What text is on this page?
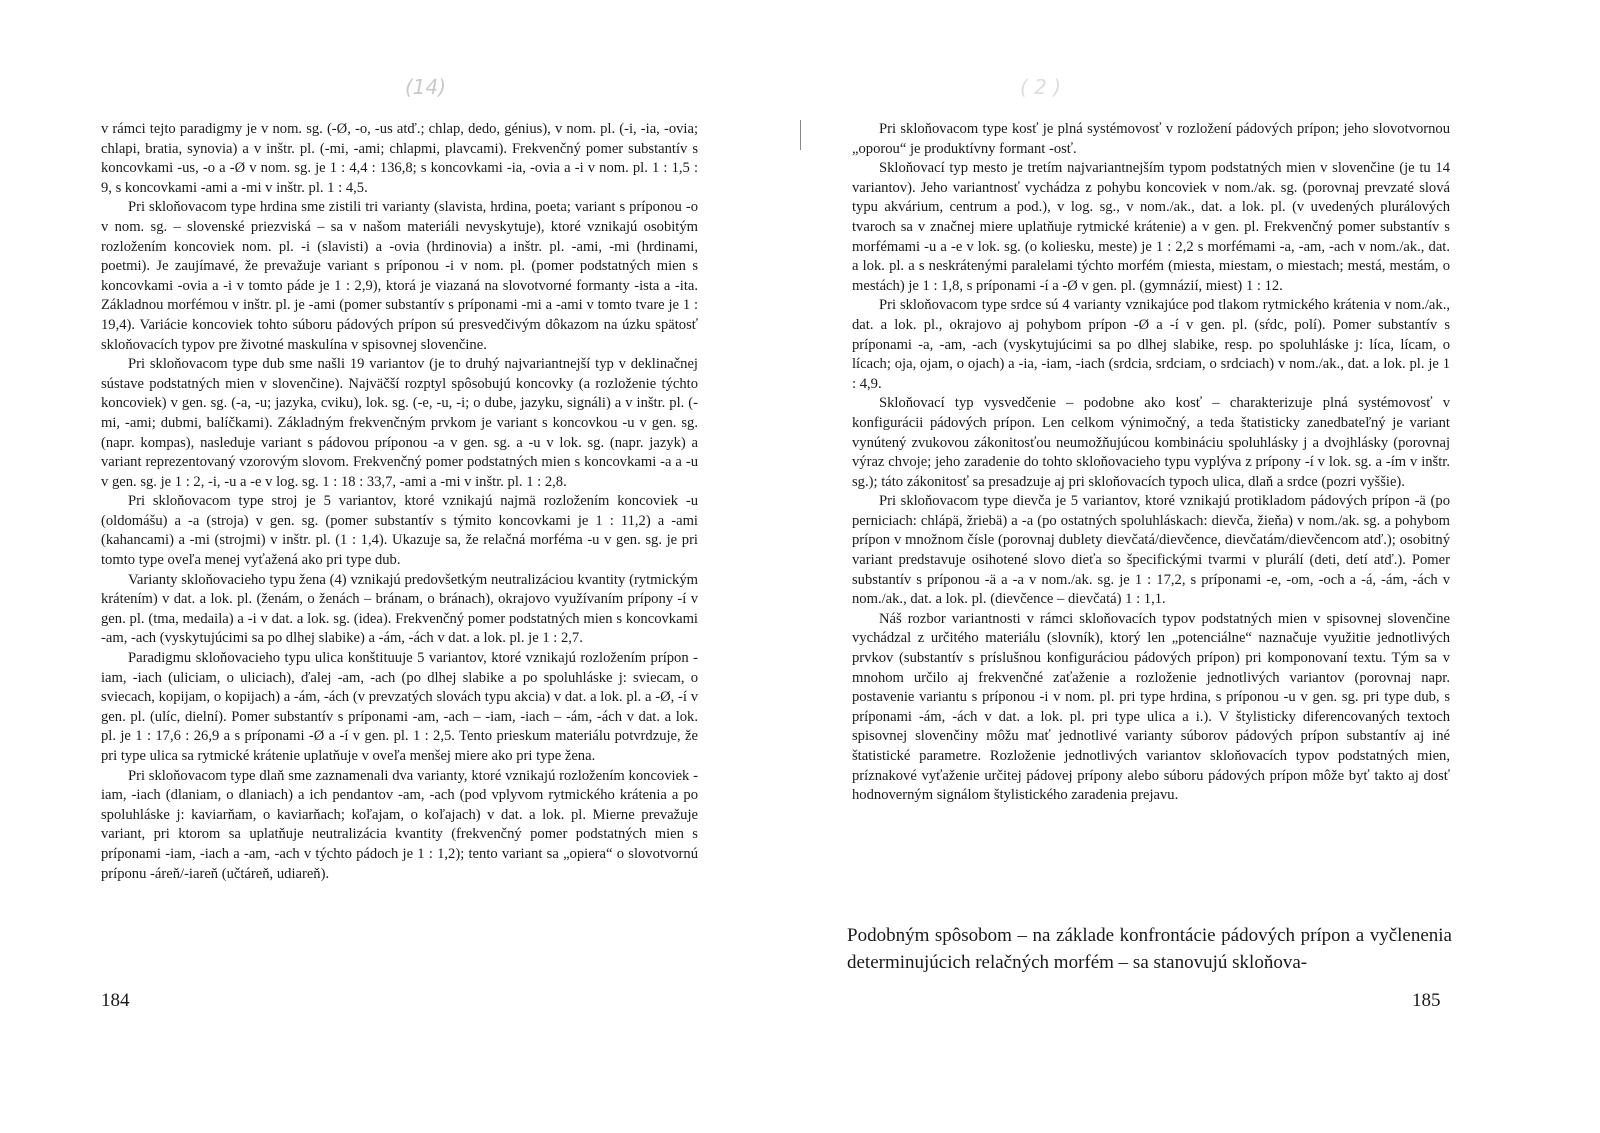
(14)

v rámci tejto paradigmy je v nom. sg. (-Ø, -o, -us atď.; chlap, dedo, génius), v nom. pl. (-i, -ia, -ovia; chlapi, bratia, synovia) a v inštr. pl. (-mi, -ami; chlapmi, plavcami). Frekvenčný pomer substantív s koncovkami -us, -o a -Ø v nom. sg. je 1 : 4,4 : 136,8; s koncovkami -ia, -ovia a -i v nom. pl. 1 : 1,5 : 9, s koncovkami -ami a -mi v inštr. pl. 1 : 4,5.

Pri skloňovacom type hrdina sme zistili tri varianty (slavista, hrdina, poeta; variant s príponou -o v nom. sg. – slovenské priezviská – sa v našom materiáli nevyskytuje), ktoré vznikajú osobitým rozložením koncoviek nom. pl. -i (slavisti) a -ovia (hrdinovia) a inštr. pl. -ami, -mi (hrdinami, poetmi). Je zaujímavé, že prevažuje variant s príponou -i v nom. pl. (pomer podstatných mien s koncovkami -ovia a -i v tomto páde je 1 : 2,9), ktorá je viazaná na slovotvorné formanty -ista a -ita. Základnou morfémou v inštr. pl. je -ami (pomer substantív s príponami -mi a -ami v tomto tvare je 1 : 19,4). Variácie koncoviek tohto súboru pádových prípon sú presvedčivým dôkazom na úzku spätosť skloňovacích typov pre životné maskulína v spisovnej slovenčine.

Pri skloňovacom type dub sme našli 19 variantov (je to druhý najvariantnejší typ v deklinačnej sústave podstatných mien v slovenčine). Najväčší rozptyl spôsobujú koncovky (a rozloženie týchto koncoviek) v gen. sg. (-a, -u; jazyka, cviku), lok. sg. (-e, -u, -i; o dube, jazyku, signáli) a v inštr. pl. (-mi, -ami; dubmi, balíčkami). Základným frekvenčným prvkom je variant s koncovkou -u v gen. sg. (napr. kompas), nasleduje variant s pádovou príponou -a v gen. sg. a -u v lok. sg. (napr. jazyk) a variant reprezentovaný vzorovým slovom. Frekvenčný pomer podstatných mien s koncovkami -a a -u v gen. sg. je 1 : 2, -i, -u a -e v log. sg. 1 : 18 : 33,7, -ami a -mi v inštr. pl. 1 : 2,8.

Pri skloňovacom type stroj je 5 variantov, ktoré vznikajú najmä rozložením koncoviek -u (oldomášu) a -a (stroja) v gen. sg. (pomer substantív s týmito koncovkami je 1 : 11,2) a -ami (kahancami) a -mi (strojmi) v inštr. pl. (1 : 1,4). Ukazuje sa, že relačná morféma -u v gen. sg. je pri tomto type oveľa menej vyťažená ako pri type dub.

Varianty skloňovacieho typu žena (4) vznikajú predovšetkým neutralizáciou kvantity (rytmickým krátením) v dat. a lok. pl. (ženám, o ženách – bránam, o bránach), okrajovo využívaním prípony -í v gen. pl. (tma, medaila) a -i v dat. a lok. sg. (idea). Frekvenčný pomer podstatných mien s koncovkami -am, -ach (vyskytujúcimi sa po dlhej slabike) a -ám, -ách v dat. a lok. pl. je 1 : 2,7.

Paradigmu skloňovacieho typu ulica konštituuje 5 variantov, ktoré vznikajú rozložením prípon -iam, -iach (uliciam, o uliciach), ďalej -am, -ach (po dlhej slabike a po spoluhláske j: sviecam, o sviecach, kopijam, o kopijach) a -ám, -ách (v prevzatých slovách typu akcia) v dat. a lok. pl. a -Ø, -í v gen. pl. (ulíc, dielní). Pomer substantív s príponami -am, -ach – -iam, -iach – -ám, -ách v dat. a lok. pl. je 1 : 17,6 : 26,9 a s príponami -Ø a -í v gen. pl. 1 : 2,5. Tento prieskum materiálu potvrdzuje, že pri type ulica sa rytmické krátenie uplatňuje v oveľa menšej miere ako pri type žena.

Pri skloňovacom type dlaň sme zaznamenali dva varianty, ktoré vznikajú rozložením koncoviek -iam, -iach (dlaniam, o dlaniach) a ich pendantov -am, -ach (pod vplyvom rytmického krátenia a po spoluhláske j: kaviarňam, o kaviarňach; koľajam, o koľajach) v dat. a lok. pl. Mierne prevažuje variant, pri ktorom sa uplatňuje neutralizácia kvantity (frekvenčný pomer podstatných mien s príponami -iam, -iach a -am, -ach v týchto pádoch je 1 : 1,2); tento variant sa „opiera“ o slovotvornú príponu -áreň/-iareň (učtáreň, udiareň).

184
( 2 )

Pri skloňovacom type kosť je plná systémovosť v rozložení pádových prípon; jeho slovotvornou „oporou“ je produktívny formant -osť.

Skloňovací typ mesto je tretím najvariantnejším typom podstatných mien v slovenčine (je tu 14 variantov). Jeho variantnosť vychádza z pohybu koncoviek v nom./ak. sg. (porovnaj prevzaté slová typu akvárium, centrum a pod.), v log. sg., v nom./ak., dat. a lok. pl. (v uvedených plurálových tvaroch sa v značnej miere uplatňuje rytmické krátenie) a v gen. pl. Frekvenčný pomer substantív s morfémami -u a -e v lok. sg. (o koliesku, meste) je 1 : 2,2 s morfémami -a, -am, -ach v nom./ak., dat. a lok. pl. a s neskrátenými paralelami týchto morfém (miesta, miestam, o miestach; mestá, mestám, o mestách) je 1 : 1,8, s príponami -í a -Ø v gen. pl. (gymnázií, miest) 1 : 12.

Pri skloňovacom type srdce sú 4 varianty vznikajúce pod tlakom rytmického krátenia v nom./ak., dat. a lok. pl., okrajovo aj pohybom prípon -Ø a -í v gen. pl. (sŕdc, polí). Pomer substantív s príponami -a, -am, -ach (vyskytujúcimi sa po dlhej slabike, resp. po spoluhláske j: líca, lícam, o lícach; oja, ojam, o ojach) a -ia, -iam, -iach (srdcia, srdciam, o srdciach) v nom./ak., dat. a lok. pl. je 1 : 4,9.

Skloňovací typ vysvedčenie – podobne ako kosť – charakterizuje plná systémovosť v konfigurácii pádových prípon. Len celkom výnimočný, a teda štatisticky zanedbateľný je variant vynútený zvukovou zákonitosťou neumožňujúcou kombináciu spoluhlásky j a dvojhlásky (porovnaj výraz chvoje; jeho zaradenie do tohto skloňovacieho typu vyplýva z prípony -í v lok. sg. a -ím v inštr. sg.); táto zákonitosť sa presadzuje aj pri skloňovacích typoch ulica, dlaň a srdce (pozri vyššie).

Pri skloňovacom type dievča je 5 variantov, ktoré vznikajú protikladom pádových prípon -ä (po perniciach: chlápä, žriebä) a -a (po ostatných spoluhláskach: dievča, žieňa) v nom./ak. sg. a pohybom prípon v množnom čísle (porovnaj dublety dievčatá/dievčence, dievčatám/dievčencom atď.); osobitný variant predstavuje osihotené slovo dieťa so špecifickými tvarmi v plurálí (deti, detí atď.). Pomer substantív s príponou -ä a -a v nom./ak. sg. je 1 : 17,2, s príponami -e, -om, -och a -á, -ám, -ách v nom./ak., dat. a lok. pl. (dievčence – dievčatá) 1 : 1,1.

Náš rozbor variantnosti v rámci skloňovacích typov podstatných mien v spisovnej slovenčine vychádzal z určitého materiálu (slovník), ktorý len „potenciálne“ naznačuje využitie jednotlivých prvkov (substantív s príslušnou konfiguráciou pádových prípon) pri komponovaní textu. Tým sa v mnohom určilo aj frekvenčné zaťaženie a rozloženie jednotlivých variantov (porovnaj napr. postavenie variantu s príponou -i v nom. pl. pri type hrdina, s príponou -u v gen. sg. pri type dub, s príponami -ám, -ách v dat. a lok. pl. pri type ulica a i.). V štylisticky diferencovaných textoch spisovnej slovenčiny môžu mať jednotlivé varianty súborov pádových prípon substantív aj iné štatistické parametre. Rozloženie jednotlivých variantov skloňovacích typov podstatných mien, príznakové vyťaženie určitej pádovej prípony alebo súboru pádových prípon môže byť takto aj dosť hodnoverným signálom štylistického zaradenia prejavu.

Podobným spôsobom – na základe konfrontácie pádových prípon a vyčlenenia determinujúcich relačných morfém – sa stanovujú skloňova-
185
